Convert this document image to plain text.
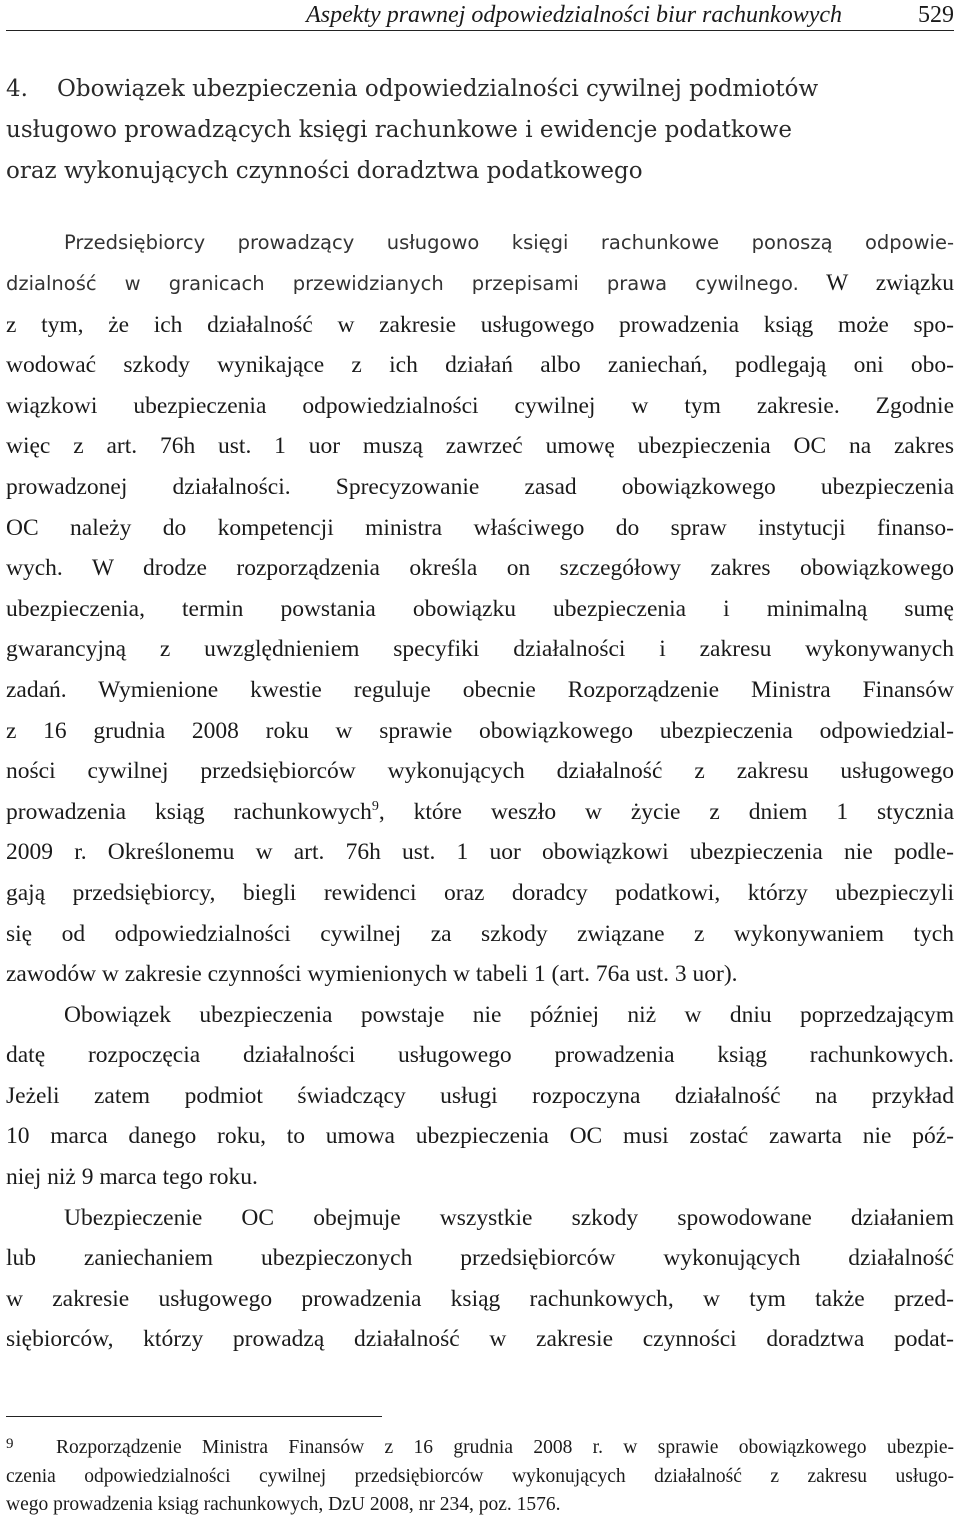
Aspekty prawnej odpowiedzialności biur rachunkowych	529
4. Obowiązek ubezpieczenia odpowiedzialności cywilnej podmiotów
usługowo prowadzących księgi rachunkowe i ewidencje podatkowe
oraz wykonujących czynności doradztwa podatkowego
Przedsiębiorcy prowadzący usługowo księgi rachunkowe ponoszą odpowie-

dzialność w granicach przewidzianych przepisami prawa cywilnego. W związku
z tym, że ich działalność w zakresie usługowego prowadzenia ksiąg może spo-
wodować szkody wynikające z ich działań albo zaniechań, podlegają oni obo-
wiązkowi ubezpieczenia odpowiedzialności cywilnej w tym zakresie. Zgodnie
więc z art. 76h ust. 1 uor muszą zawrzeć umowę ubezpieczenia OC na zakres
prowadzonej działalności. Sprecyzowanie zasad obowiązkowego ubezpieczenia
OC należy do kompetencji ministra właściwego do spraw instytucji finanso-
wych. W drodze rozporządzenia określa on szczegółowy zakres obowiązkowego
ubezpieczenia, termin powstania obowiązku ubezpieczenia i minimalną sumę
gwarancyjną z uwzględnieniem specyfiki działalności i zakresu wykonywanych
zadań. Wymienione kwestie reguluje obecnie Rozporządzenie Ministra Finansów
z 16 grudnia 2008 roku w sprawie obowiązkowego ubezpieczenia odpowiedzial-
ności cywilnej przedsiębiorców wykonujących działalność z zakresu usługowego
prowadzenia ksiąg rachunkowych$^9$, które weszło w życie z dniem 1 stycznia
2009 r. Określonemu w art. 76h ust. 1 uor obowiązkowi ubezpieczenia nie podle-
gają przedsiębiorcy, biegli rewidenci oraz doradcy podatkowi, którzy ubezpieczyli
się od odpowiedzialności cywilnej za szkody związane z wykonywaniem tych
zawodów w zakresie czynności wymienionych w tabeli 1 (art. 76a ust. 3 uor).

Obowiązek ubezpieczenia powstaje nie później niż w dniu poprzedzającym
datę rozpoczęcia działalności usługowego prowadzenia ksiąg rachunkowych.
Jeżeli zatem podmiot świadczący usługi rozpoczyna działalność na przykład
10 marca danego roku, to umowa ubezpieczenia OC musi zostać zawarta nie póź-
niej niż 9 marca tego roku.

Ubezpieczenie OC obejmuje wszystkie szkody spowodowane działaniem
lub zaniechaniem ubezpieczonych przedsiębiorców wykonujących działalność
w zakresie usługowego prowadzenia ksiąg rachunkowych, w tym także przed-
siębiorców, którzy prowadzą działalność w zakresie czynności doradztwa podat-

9 Rozporządzenie Ministra Finansów z 16 grudnia 2008 r. w sprawie obowiązkowego ubezpie-
czenia odpowiedzialności cywilnej przedsiębiorców wykonujących działalność z zakresu usługo-
wego prowadzenia ksiąg rachunkowych, DzU 2008, nr 234, poz. 1576.
